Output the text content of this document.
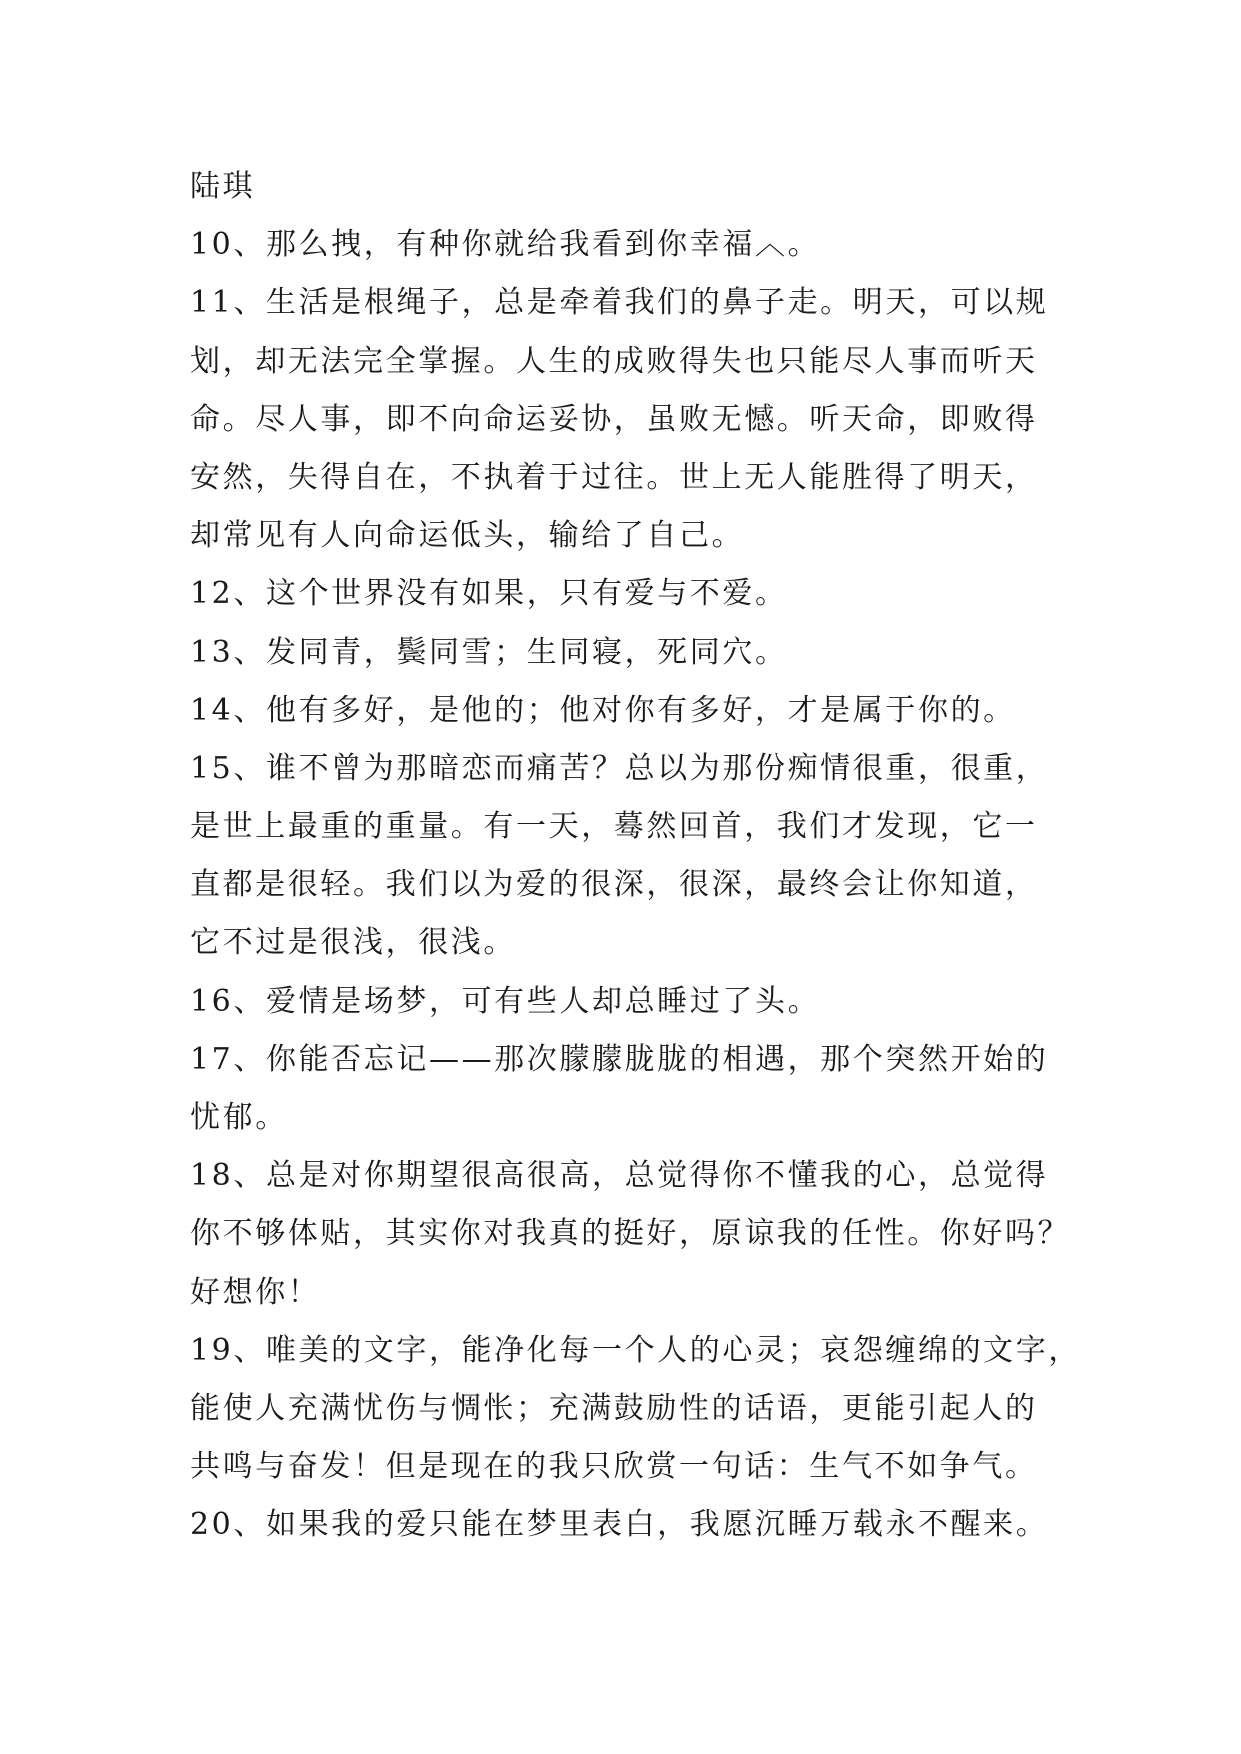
陆琪
10、那么拽，有种你就给我看到你幸福︿。
11、生活是根绳子，总是牵着我们的鼻子走。明天，可以规
划，却无法完全掌握。人生的成败得失也只能尽人事而听天
命。尽人事，即不向命运妥协，虽败无憾。听天命，即败得
安然，失得自在，不执着于过往。世上无人能胜得了明天，
却常见有人向命运低头，输给了自己。
12、这个世界没有如果，只有爱与不爱。
13、发同青，鬓同雪；生同寝，死同穴。
14、他有多好，是他的；他对你有多好，才是属于你的。
15、谁不曾为那暗恋而痛苦？总以为那份痴情很重，很重，
是世上最重的重量。有一天，蓦然回首，我们才发现，它一
直都是很轻。我们以为爱的很深，很深，最终会让你知道，
它不过是很浅，很浅。
16、爱情是场梦，可有些人却总睡过了头。
17、你能否忘记——那次朦朦胧胧的相遇，那个突然开始的
忧郁。
18、总是对你期望很高很高，总觉得你不懂我的心，总觉得
你不够体贴，其实你对我真的挺好，原谅我的任性。你好吗？
好想你！
19、唯美的文字，能净化每一个人的心灵；哀怨缠绵的文字，
能使人充满忧伤与惆怅；充满鼓励性的话语，更能引起人的
共鸣与奋发！但是现在的我只欣赏一句话：生气不如争气。
20、如果我的爱只能在梦里表白，我愿沉睡万载永不醒来。
